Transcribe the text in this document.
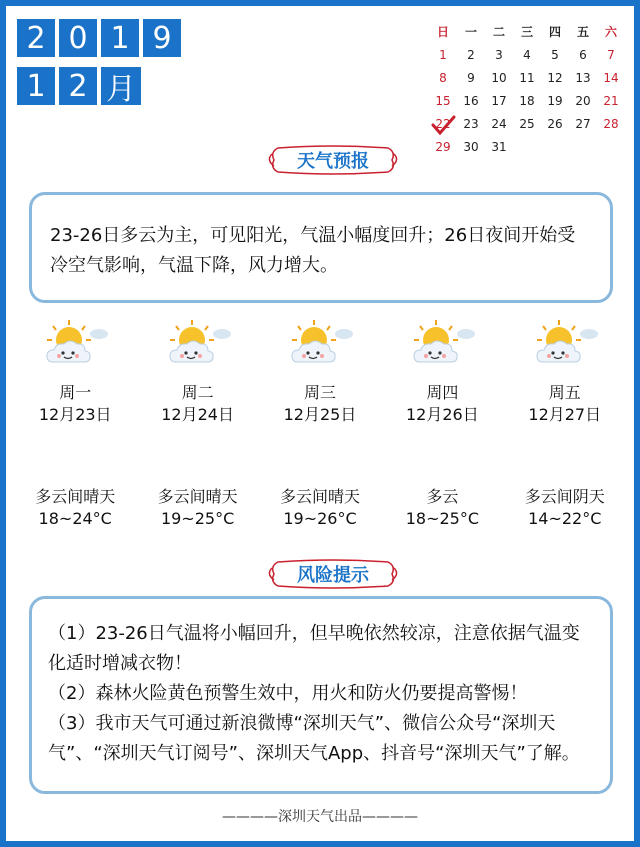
2 0 1 9
1 2 月
日	一	二	三	四	五	六
1	2	3	4	5	6	7
8	9	10	11	12	13	14
15	16	17	18	19	20	21
22	23	24	25	26	27	28
29	30	31
天气预报
23-26日多云为主，可见阳光，气温小幅度回升；26日夜间开始受冷空气影响，气温下降，风力增大。
周一
12月23日
多云间晴天
18~24°C
周二
12月24日
多云间晴天
19~25°C
周三
12月25日
多云间晴天
19~26°C
周四
12月26日
多云
18~25°C
周五
12月27日
多云间阴天
14~22°C
风险提示
（1）23-26日气温将小幅回升，但早晚依然较凉，注意依据气温变化适时增减衣物！
（2）森林火险黄色预警生效中，用火和防火仍要提高警惕！
（3）我市天气可通过新浪微博“深圳天气”、微信公众号“深圳天气”、“深圳天气订阅号”、深圳天气App、抖音号“深圳天气”了解。
————深圳天气出品————
